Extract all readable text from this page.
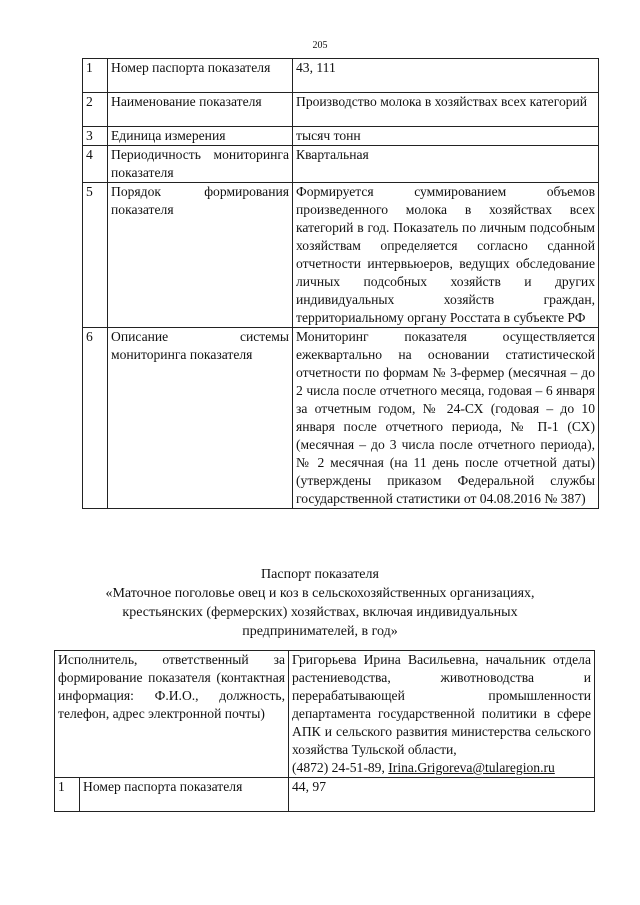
205
1	Номер паспорта показателя	43, 111
2	Наименование показателя	Производство молока в хозяйствах всех категорий
3	Единица измерения	тысяч тонн
4	Периодичность мониторинга показателя	Квартальная
5	Порядок формирования показателя	Формируется суммированием объемов произведенного молока в хозяйствах всех категорий в год. Показатель по личным подсобным хозяйствам определяется согласно сданной отчетности интервьюеров, ведущих обследование личных подсобных хозяйств и других индивидуальных хозяйств граждан, территориальному органу Росстата в субъекте РФ
6	Описание системы мониторинга показателя	Мониторинг показателя осуществляется ежеквартально на основании статистической отчетности по формам № 3-фермер (месячная – до 2 числа после отчетного месяца, годовая – 6 января за отчетным годом, № 24-СХ (годовая – до 10 января после отчетного периода, № П-1 (СХ) (месячная – до 3 числа после отчетного периода), № 2 месячная (на 11 день после отчетной даты) (утверждены приказом Федеральной службы государственной статистики от 04.08.2016 № 387)
Паспорт показателя
«Маточное поголовье овец и коз в сельскохозяйственных организациях,
крестьянских (фермерских) хозяйствах, включая индивидуальных
предпринимателей, в год»
Исполнитель, ответственный за формирование показателя (контактная информация: Ф.И.О., должность, телефон, адрес электронной почты)		Григорьева Ирина Васильевна, начальник отдела растениеводства, животноводства и перерабатывающей промышленности департамента государственной политики в сфере АПК и сельского развития министерства сельского хозяйства Тульской области,
(4872) 24-51-89, Irina.Grigoreva@tularegion.ru
1	Номер паспорта показателя	44, 97
